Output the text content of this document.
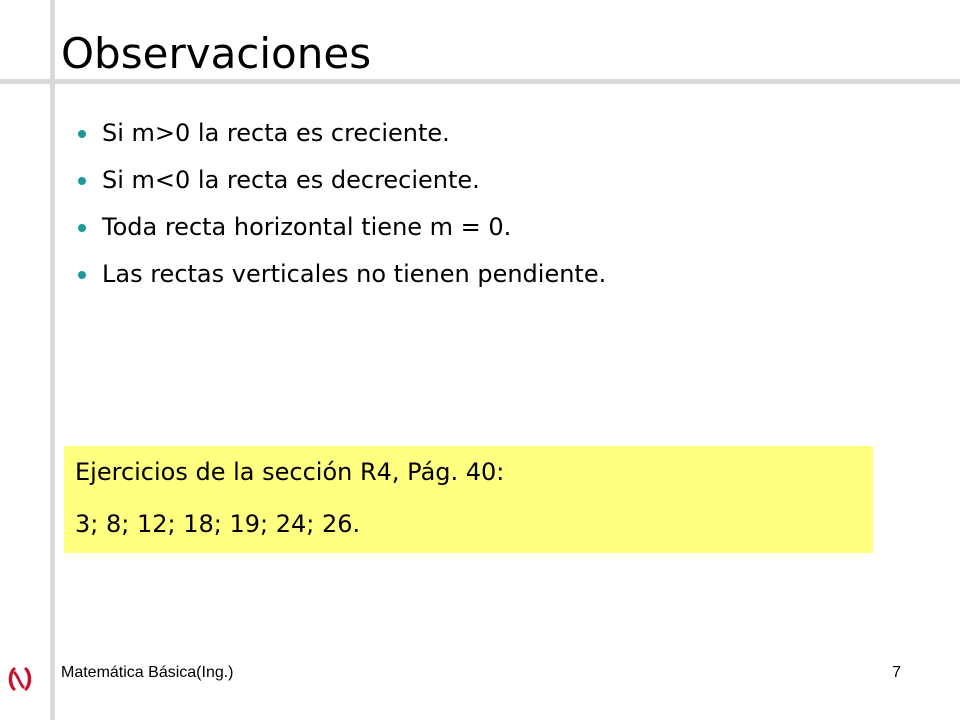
Observaciones
Si m>0 la recta es creciente.
Si m<0 la recta es decreciente.
Toda recta horizontal tiene m = 0.
Las rectas verticales no tienen pendiente.
Ejercicios de la sección R4, Pág. 40:
3; 8; 12; 18; 19; 24; 26.
Matemática Básica(Ing.)	7
